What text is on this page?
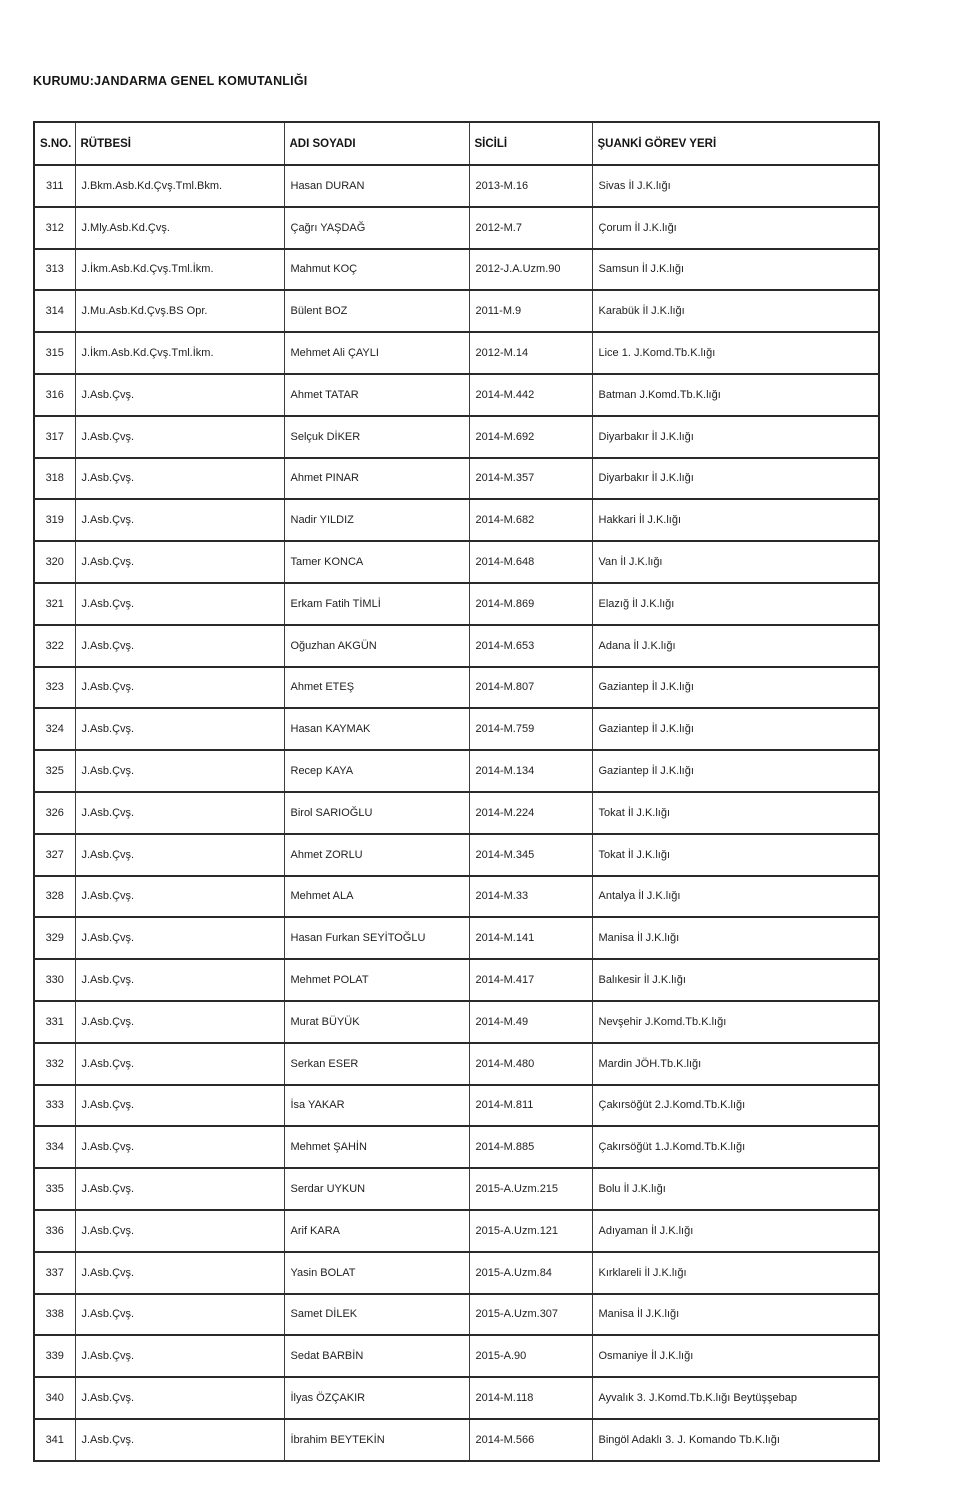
KURUMU:JANDARMA GENEL KOMUTANLIĞI
S.NO.	RÜTBESİ	ADI SOYADI	SİCİLİ	ŞUANKİ GÖREV YERİ
311	J.Bkm.Asb.Kd.Çvş.Tml.Bkm.	Hasan DURAN	2013-M.16	Sivas İl J.K.lığı
312	J.Mly.Asb.Kd.Çvş.	Çağrı YAŞDAĞ	2012-M.7	Çorum İl J.K.lığı
313	J.İkm.Asb.Kd.Çvş.Tml.İkm.	Mahmut KOÇ	2012-J.A.Uzm.90	Samsun İl J.K.lığı
314	J.Mu.Asb.Kd.Çvş.BS Opr.	Bülent BOZ	2011-M.9	Karabük İl J.K.lığı
315	J.İkm.Asb.Kd.Çvş.Tml.İkm.	Mehmet Ali ÇAYLI	2012-M.14	Lice 1. J.Komd.Tb.K.lığı
316	J.Asb.Çvş.	Ahmet TATAR	2014-M.442	Batman J.Komd.Tb.K.lığı
317	J.Asb.Çvş.	Selçuk DİKER	2014-M.692	Diyarbakır İl J.K.lığı
318	J.Asb.Çvş.	Ahmet PINAR	2014-M.357	Diyarbakır İl J.K.lığı
319	J.Asb.Çvş.	Nadir YILDIZ	2014-M.682	Hakkari İl J.K.lığı
320	J.Asb.Çvş.	Tamer KONCA	2014-M.648	Van İl J.K.lığı
321	J.Asb.Çvş.	Erkam Fatih TİMLİ	2014-M.869	Elazığ İl J.K.lığı
322	J.Asb.Çvş.	Oğuzhan AKGÜN	2014-M.653	Adana İl J.K.lığı
323	J.Asb.Çvş.	Ahmet ETEŞ	2014-M.807	Gaziantep İl J.K.lığı
324	J.Asb.Çvş.	Hasan KAYMAK	2014-M.759	Gaziantep İl J.K.lığı
325	J.Asb.Çvş.	Recep KAYA	2014-M.134	Gaziantep İl J.K.lığı
326	J.Asb.Çvş.	Birol SARIOĞLU	2014-M.224	Tokat İl J.K.lığı
327	J.Asb.Çvş.	Ahmet ZORLU	2014-M.345	Tokat İl J.K.lığı
328	J.Asb.Çvş.	Mehmet ALA	2014-M.33	Antalya İl J.K.lığı
329	J.Asb.Çvş.	Hasan Furkan SEYİTOĞLU	2014-M.141	Manisa İl J.K.lığı
330	J.Asb.Çvş.	Mehmet POLAT	2014-M.417	Balıkesir İl J.K.lığı
331	J.Asb.Çvş.	Murat BÜYÜK	2014-M.49	Nevşehir J.Komd.Tb.K.lığı
332	J.Asb.Çvş.	Serkan ESER	2014-M.480	Mardin JÖH.Tb.K.lığı
333	J.Asb.Çvş.	İsa YAKAR	2014-M.811	Çakırsöğüt 2.J.Komd.Tb.K.lığı
334	J.Asb.Çvş.	Mehmet ŞAHİN	2014-M.885	Çakırsöğüt 1.J.Komd.Tb.K.lığı
335	J.Asb.Çvş.	Serdar UYKUN	2015-A.Uzm.215	Bolu İl J.K.lığı
336	J.Asb.Çvş.	Arif KARA	2015-A.Uzm.121	Adıyaman İl J.K.lığı
337	J.Asb.Çvş.	Yasin BOLAT	2015-A.Uzm.84	Kırklareli İl J.K.lığı
338	J.Asb.Çvş.	Samet DİLEK	2015-A.Uzm.307	Manisa İl J.K.lığı
339	J.Asb.Çvş.	Sedat BARBİN	2015-A.90	Osmaniye İl J.K.lığı
340	J.Asb.Çvş.	İlyas ÖZÇAKIR	2014-M.118	Ayvalık 3. J.Komd.Tb.K.lığı Beytüşşebap
341	J.Asb.Çvş.	İbrahim BEYTEKİN	2014-M.566	Bingöl Adaklı 3. J. Komando Tb.K.lığı
